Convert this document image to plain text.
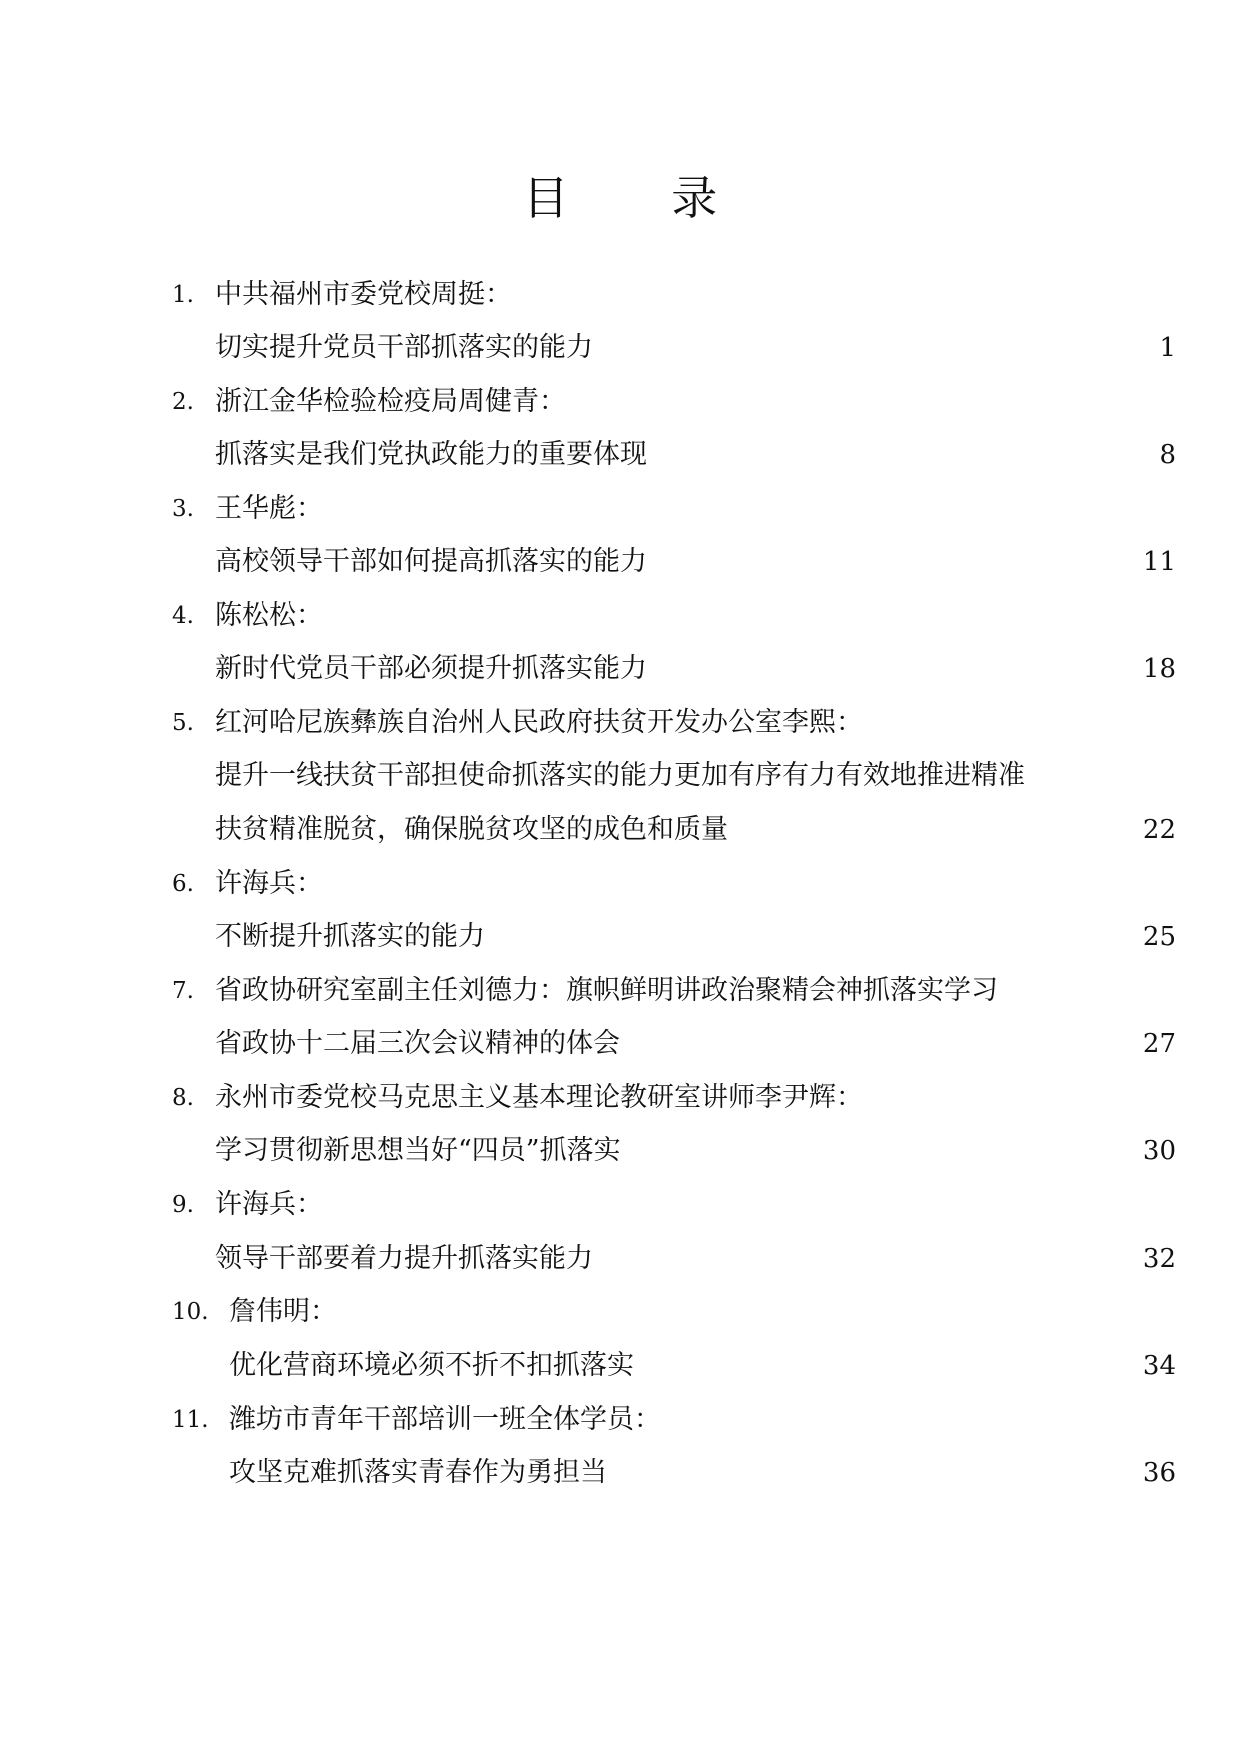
目 录
1. 中共福州市委党校周挺：
切实提升党员干部抓落实的能力	1
2. 浙江金华检验检疫局周健青：
抓落实是我们党执政能力的重要体现	8
3. 王华彪：
高校领导干部如何提高抓落实的能力	11
4. 陈松松：
新时代党员干部必须提升抓落实能力	18
5. 红河哈尼族彝族自治州人民政府扶贫开发办公室李熙：
提升一线扶贫干部担使命抓落实的能力更加有序有力有效地推进精准
扶贫精准脱贫，确保脱贫攻坚的成色和质量	22
6. 许海兵：
不断提升抓落实的能力	25
7. 省政协研究室副主任刘德力：旗帜鲜明讲政治聚精会神抓落实学习
省政协十二届三次会议精神的体会	27
8. 永州市委党校马克思主义基本理论教研室讲师李尹辉：
学习贯彻新思想当好“四员”抓落实	30
9. 许海兵：
领导干部要着力提升抓落实能力	32
10. 詹伟明：
优化营商环境必须不折不扣抓落实	34
11. 潍坊市青年干部培训一班全体学员：
攻坚克难抓落实青春作为勇担当	36
